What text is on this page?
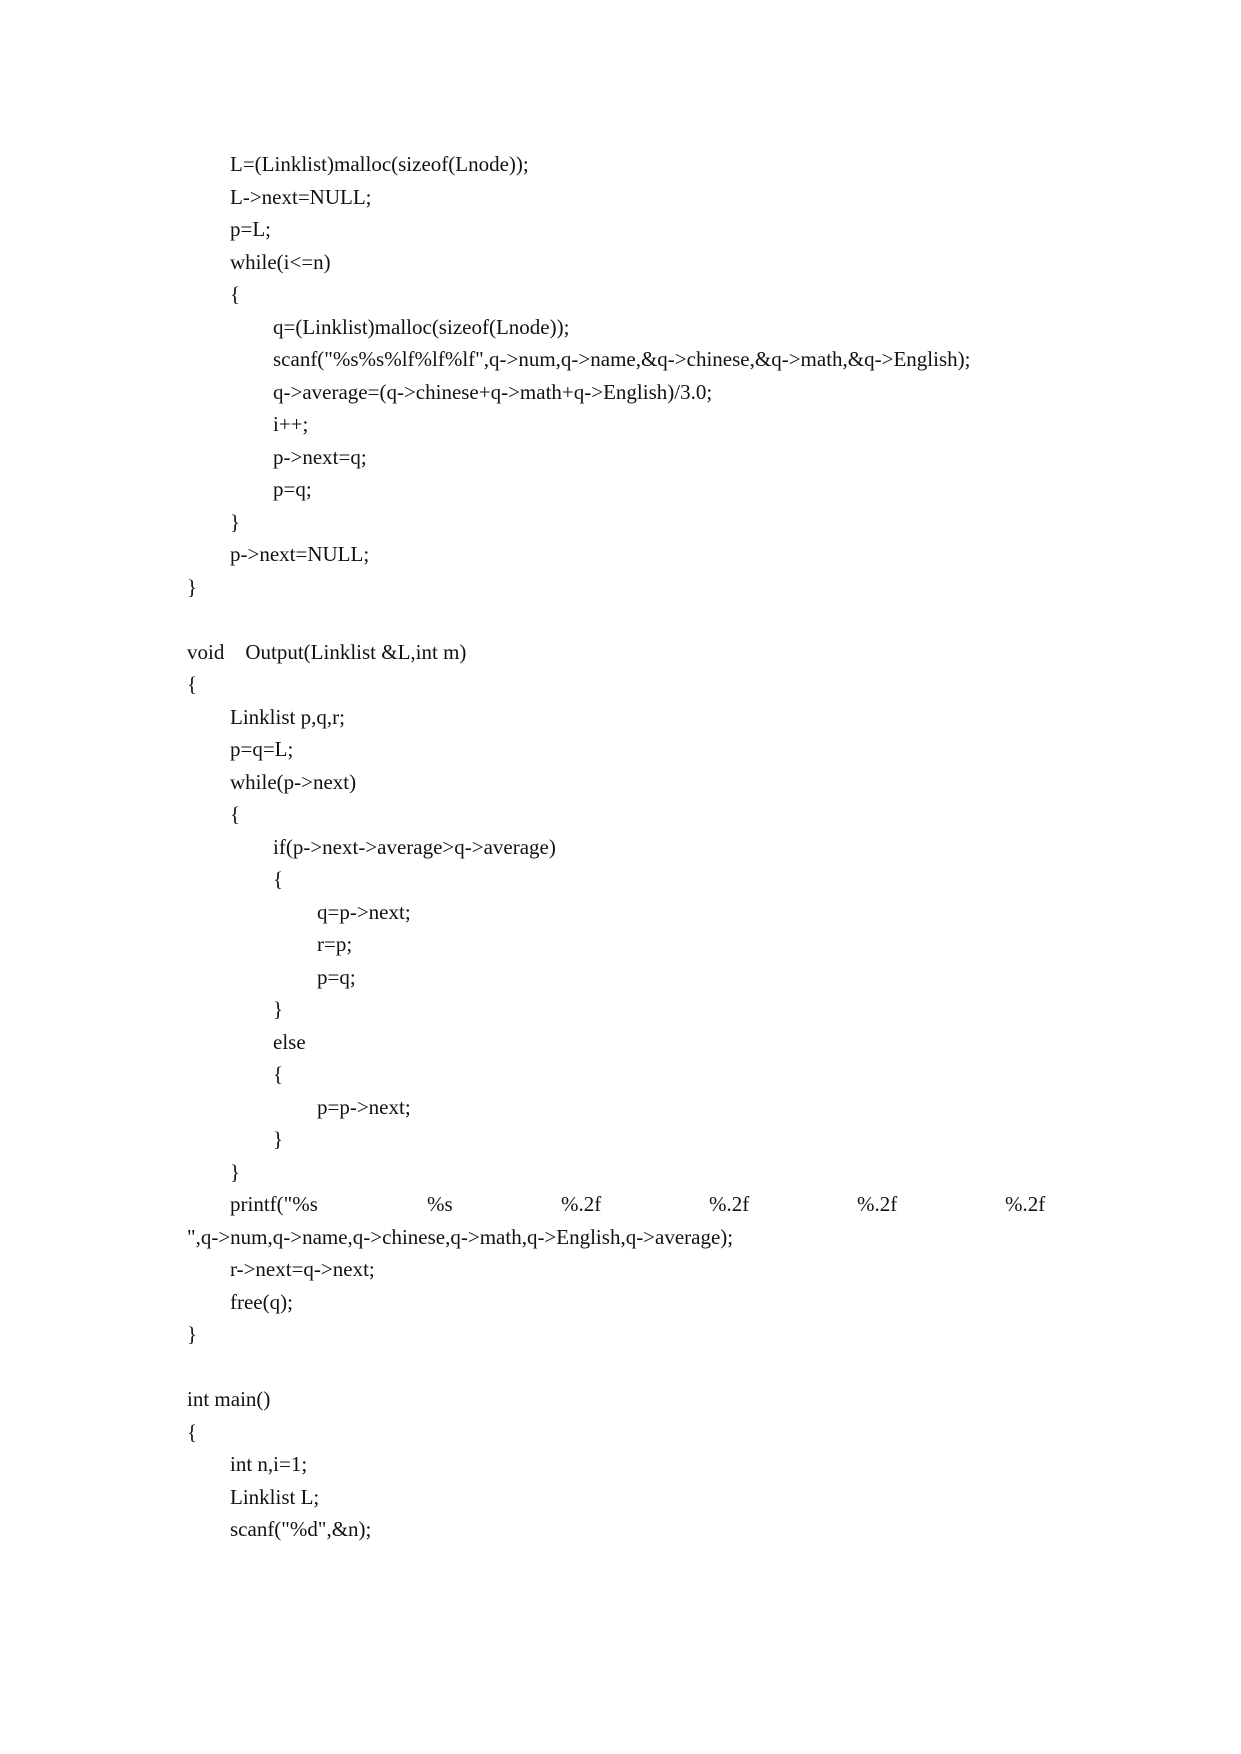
L=(Linklist)malloc(sizeof(Lnode));
L->next=NULL;
p=L;
while(i<=n)
{
q=(Linklist)malloc(sizeof(Lnode));
scanf("%s%s%lf%lf%lf",q->num,q->name,&q->chinese,&q->math,&q->English);
q->average=(q->chinese+q->math+q->English)/3.0;
i++;
p->next=q;
p=q;
}
p->next=NULL;
}
void    Output(Linklist &L,int m)
{
Linklist p,q,r;
p=q=L;
while(p->next)
{
if(p->next->average>q->average)
{
q=p->next;
r=p;
p=q;
}
else
{
p=p->next;
}
}
printf("%s	%s	%.2f	%.2f	%.2f	%.2f
",q->num,q->name,q->chinese,q->math,q->English,q->average);
r->next=q->next;
free(q);
}
int main()
{
int n,i=1;
Linklist L;
scanf("%d",&n);
